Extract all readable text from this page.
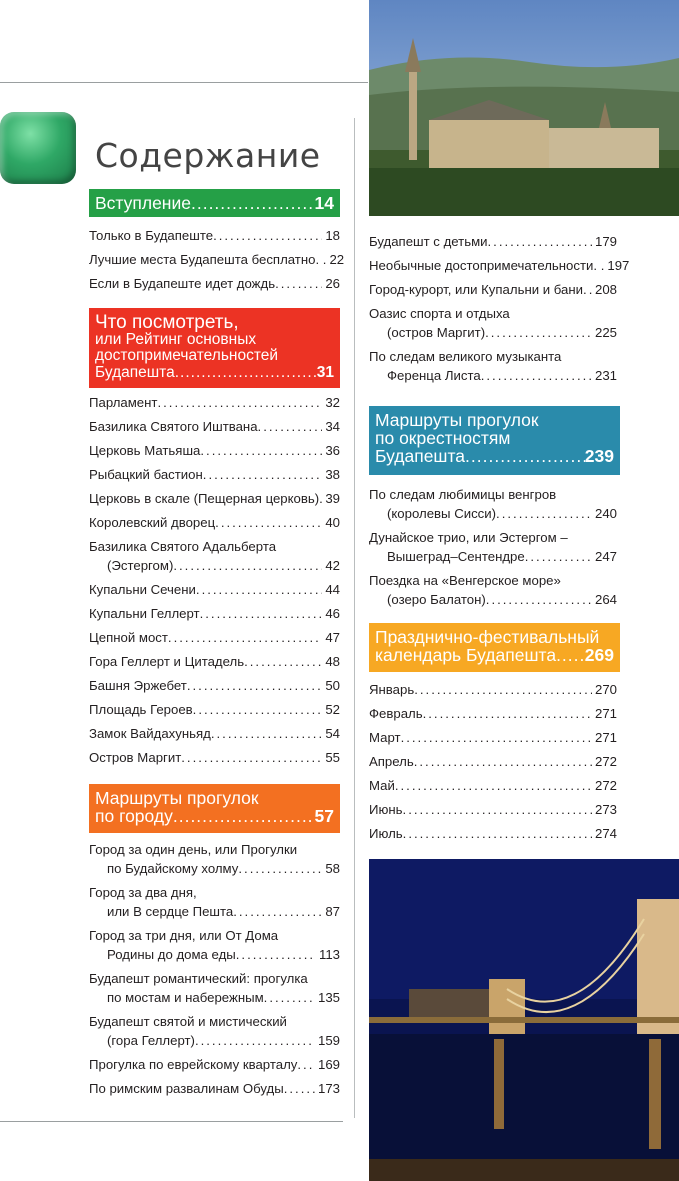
Содержание
Вступление .....	14
Только в Будапеште .....	18
Лучшие места Будапешта бесплатно. . 22
Если в Будапеште идет дождь .....	26
Что посмотреть,
или Рейтинг основных
достопримечательностей
Будапешта .....	31
Парламент .....	32
Базилика Святого Иштвана .....	34
Церковь Матьяша .....	36
Рыбацкий бастион .....	38
Церковь в скале (Пещерная церковь) ..... 39
Королевский дворец .....	40
Базилика Святого Адальберта
(Эстергом) .....	42
Купальни Сечени .....	44
Купальни Геллерт .....	46
Цепной мост .....	47
Гора Геллерт и Цитадель .....	48
Башня Эржебет .....	50
Площадь Героев .....	52
Замок Вайдахуньяд .....	54
Остров Маргит .....	55
Маршруты прогулок
по городу .....	57
Город за один день, или Прогулки
по Будайскому холму .....	58
Город за два дня,
или В сердце Пешта .....	87
Город за три дня, или От Дома
Родины до дома еды .....	113
Будапешт романтический: прогулка
по мостам и набережным .....	135
Будапешт святой и мистический
(гора Геллерт) .....	159
Прогулка по еврейскому кварталу ..... 169
По римским развалинам Обуды .....	173
Будапешт с детьми .....	179
Необычные достопримечательности. . 197
Город-курорт, или Купальни и бани ..... 208
Оазис спорта и отдыха
(остров Маргит) .....	225
По следам великого музыканта
Ференца Листа .....	231
Маршруты прогулок
по окрестностям
Будапешта .....	239
По следам любимицы венгров
(королевы Сисси) .....	240
Дунайское трио, или Эстергом –
Вышеград–Сентендре .....	247
Поездка на «Венгерское море»
(озеро Балатон) .....	264
Празднично-фестивальный
календарь Будапешта ..... 269
Январь .....	270
Февраль .....	271
Март .....	271
Апрель .....	272
Май .....	272
Июнь .....	273
Июль .....	274
